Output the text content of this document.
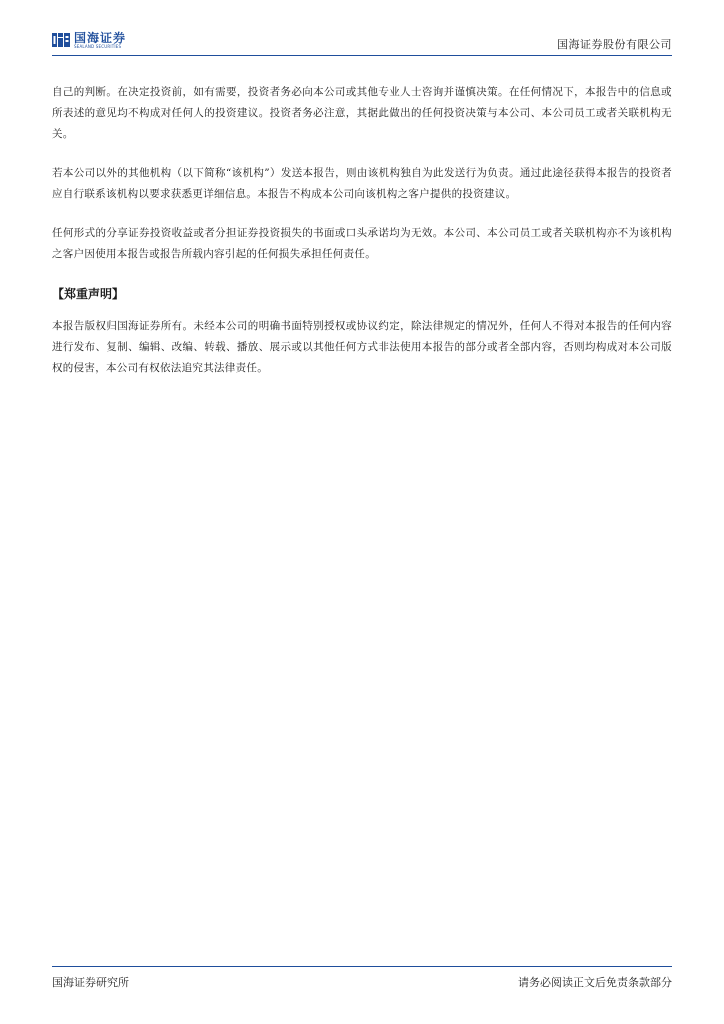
国海证券
SEALAND SECURITIES	国海证券股份有限公司

自己的判断。在决定投资前，如有需要，投资者务必向本公司或其他专业人士咨询并谨慎决策。在任何情况下，本报告中的信息或所表述的意见均不构成对任何人的投资建议。投资者务必注意，其据此做出的任何投资决策与本公司、本公司员工或者关联机构无关。

若本公司以外的其他机构（以下简称“该机构”）发送本报告，则由该机构独自为此发送行为负责。通过此途径获得本报告的投资者应自行联系该机构以要求获悉更详细信息。本报告不构成本公司向该机构之客户提供的投资建议。

任何形式的分享证券投资收益或者分担证券投资损失的书面或口头承诺均为无效。本公司、本公司员工或者关联机构亦不为该机构之客户因使用本报告或报告所载内容引起的任何损失承担任何责任。

【郑重声明】

本报告版权归国海证券所有。未经本公司的明确书面特别授权或协议约定，除法律规定的情况外，任何人不得对本报告的任何内容进行发布、复制、编辑、改编、转载、播放、展示或以其他任何方式非法使用本报告的部分或者全部内容，否则均构成对本公司版权的侵害，本公司有权依法追究其法律责任。

国海证券研究所	请务必阅读正文后免责条款部分
